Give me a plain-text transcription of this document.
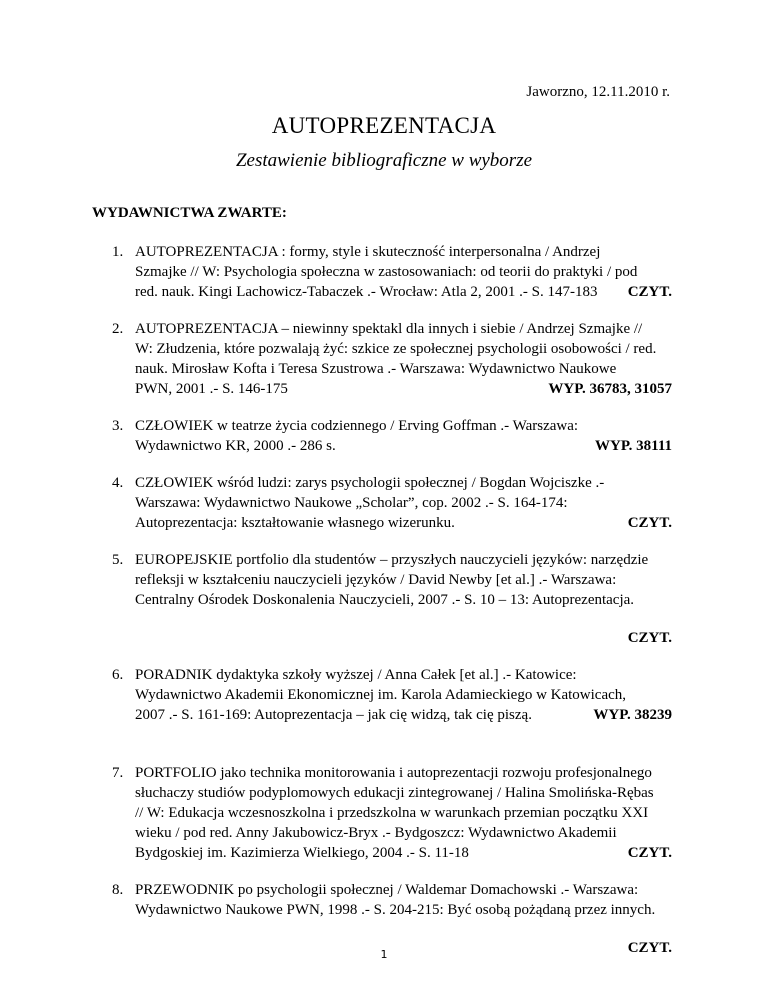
Jaworzno, 12.11.2010 r.
AUTOPREZENTACJA
Zestawienie bibliograficzne w wyborze
WYDAWNICTWA ZWARTE:
1. AUTOPREZENTACJA : formy, style i skuteczność interpersonalna / Andrzej
Szmajke // W: Psychologia społeczna w zastosowaniach: od teorii do praktyki / pod
CZYT.
red. nauk. Kingi Lachowicz-Tabaczek .- Wrocław: Atla 2, 2001 .- S. 147-183
2. AUTOPREZENTACJA – niewinny spektakl dla innych i siebie / Andrzej Szmajke //
W: Złudzenia, które pozwalają żyć: szkice ze społecznej psychologii osobowości / red.
nauk. Mirosław Kofta i Teresa Szustrowa .- Warszawa: Wydawnictwo Naukowe
WYP. 36783, 31057
PWN, 2001 .- S. 146-175
3. CZŁOWIEK w teatrze życia codziennego / Erving Goffman .- Warszawa:
WYP. 38111
Wydawnictwo KR, 2000 .- 286 s.
4. CZŁOWIEK wśród ludzi: zarys psychologii społecznej / Bogdan Wojciszke .-
Warszawa: Wydawnictwo Naukowe „Scholar”, cop. 2002 .- S. 164-174:
CZYT.
Autoprezentacja: kształtowanie własnego wizerunku.
5. EUROPEJSKIE portfolio dla studentów – przyszłych nauczycieli języków: narzędzie
refleksji w kształceniu nauczycieli języków / David Newby [et al.] .- Warszawa:
Centralny Ośrodek Doskonalenia Nauczycieli, 2007 .- S. 10 – 13: Autoprezentacja.
CZYT.
6. PORADNIK dydaktyka szkoły wyższej / Anna Całek [et al.] .- Katowice:
Wydawnictwo Akademii Ekonomicznej im. Karola Adamieckiego w Katowicach,
WYP. 38239
2007 .- S. 161-169: Autoprezentacja – jak cię widzą, tak cię piszą.
7. PORTFOLIO jako technika monitorowania i autoprezentacji rozwoju profesjonalnego
słuchaczy studiów podyplomowych edukacji zintegrowanej / Halina Smolińska-Rębas
// W: Edukacja wczesnoszkolna i przedszkolna w warunkach przemian początku XXI
wieku / pod red. Anny Jakubowicz-Bryx .- Bydgoszcz: Wydawnictwo Akademii
CZYT.
Bydgoskiej im. Kazimierza Wielkiego, 2004 .- S. 11-18
8. PRZEWODNIK po psychologii społecznej / Waldemar Domachowski .- Warszawa:
Wydawnictwo Naukowe PWN, 1998 .- S. 204-215: Być osobą pożądaną przez innych.
CZYT.
1
